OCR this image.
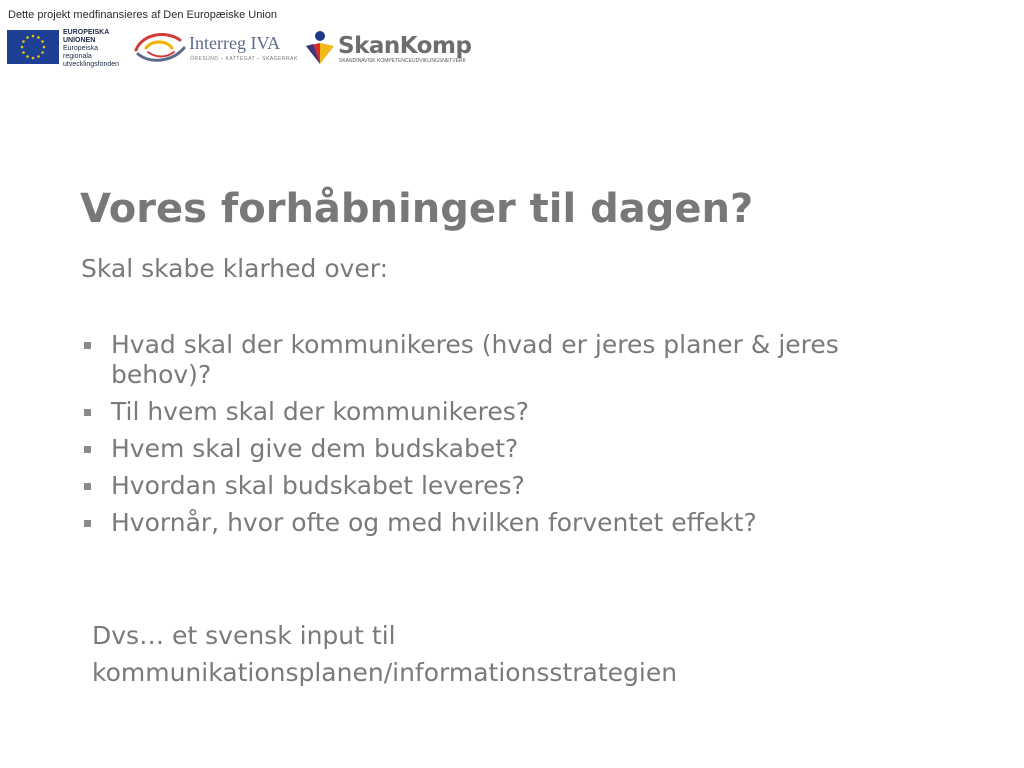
Dette projekt medfinansieres af Den Europæiske Union
EUROPEISKA
UNIONEN
Europeiska
regionala
utvecklingsfonden
Interreg IVA
ÖRESUND – KATTEGAT – SKAGERRAK SkanKomp
SKANDINAVISK KOMPETENCEUDVIKLINGSNETVERK
Vores forhåbninger til dagen?
Skal skabe klarhed over:
Hvad skal der kommunikeres (hvad er jeres planer & jeres behov)?
Til hvem skal der kommunikeres?
Hvem skal give dem budskabet?
Hvordan skal budskabet leveres?
Hvornår, hvor ofte og med hvilken forventet effekt?
Dvs… et svensk input til
kommunikationsplanen/informationsstrategien
